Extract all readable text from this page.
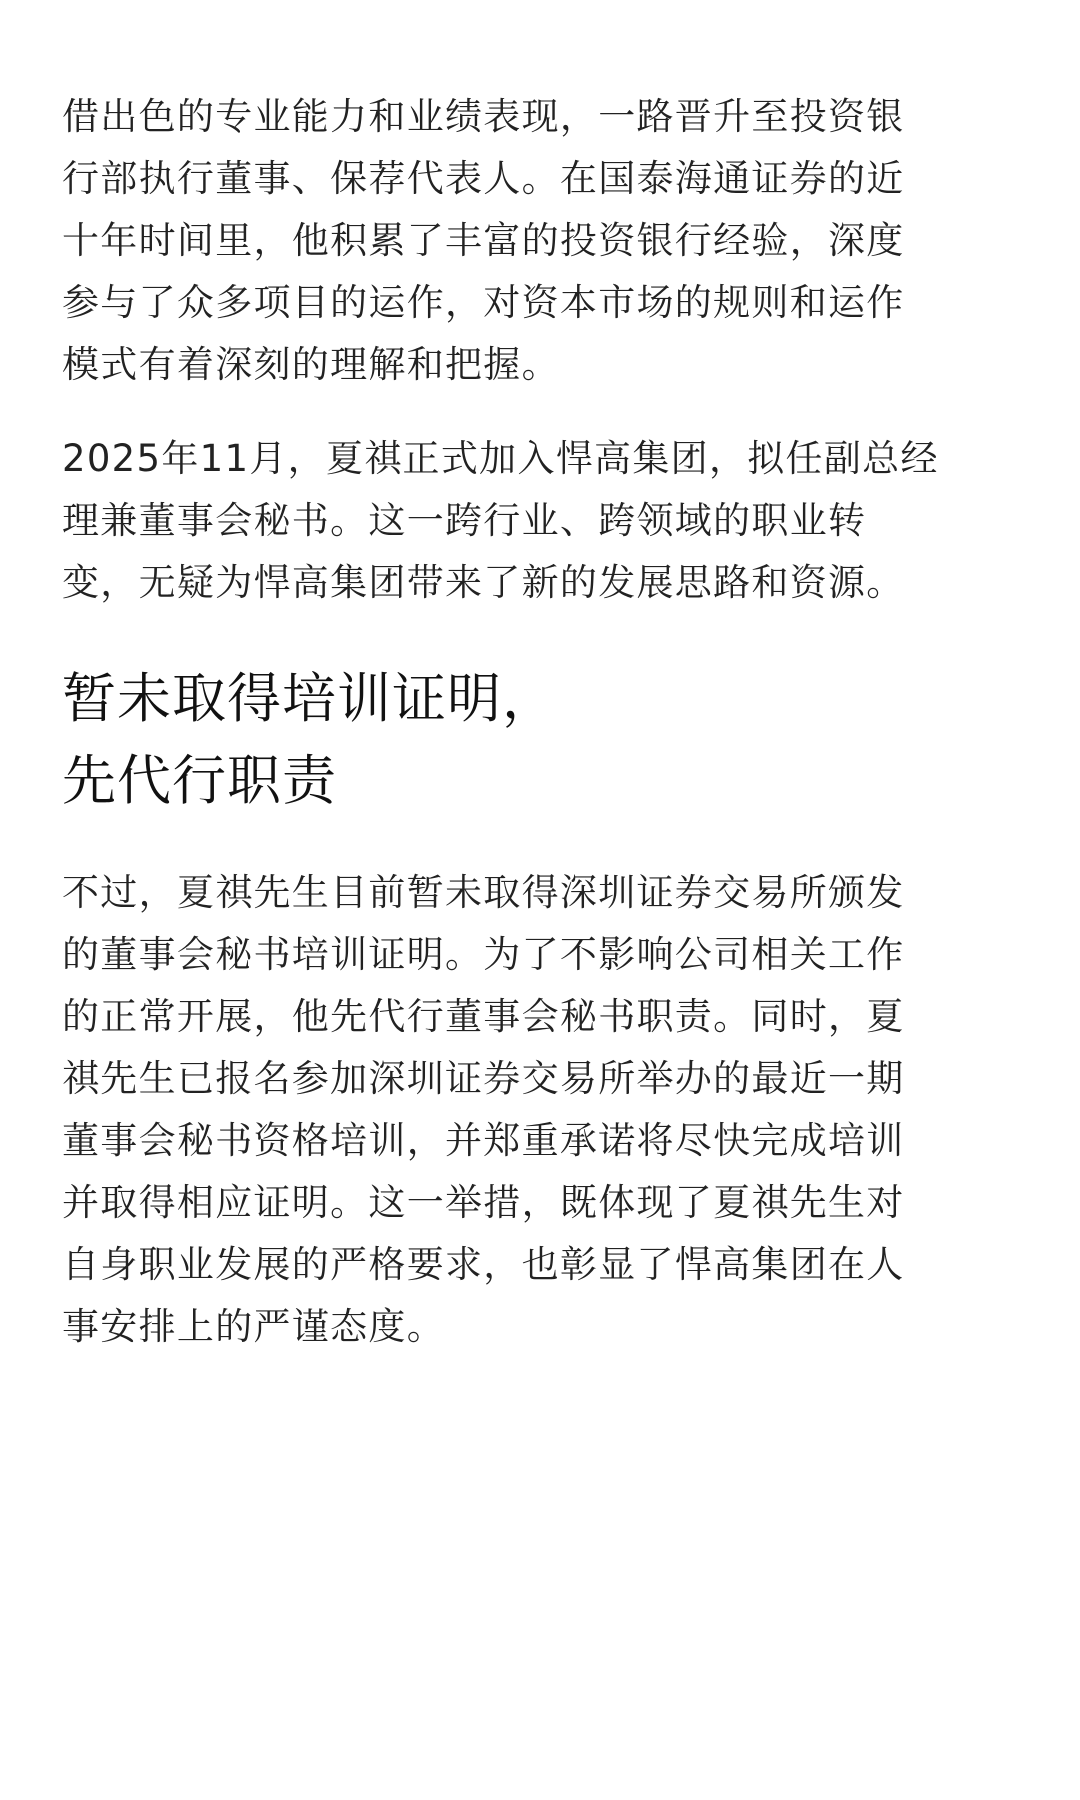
借出色的专业能力和业绩表现，一路晋升至投资银
行部执行董事、保荐代表人。在国泰海通证券的近
十年时间里，他积累了丰富的投资银行经验，深度
参与了众多项目的运作，对资本市场的规则和运作
模式有着深刻的理解和把握。

2025年11月，夏祺正式加入悍高集团，拟任副总经
理兼董事会秘书。这一跨行业、跨领域的职业转
变，无疑为悍高集团带来了新的发展思路和资源。

暂未取得培训证明，
先代行职责

不过，夏祺先生目前暂未取得深圳证券交易所颁发
的董事会秘书培训证明。为了不影响公司相关工作
的正常开展，他先代行董事会秘书职责。同时，夏
祺先生已报名参加深圳证券交易所举办的最近一期
董事会秘书资格培训，并郑重承诺将尽快完成培训
并取得相应证明。这一举措，既体现了夏祺先生对
自身职业发展的严格要求，也彰显了悍高集团在人
事安排上的严谨态度。
